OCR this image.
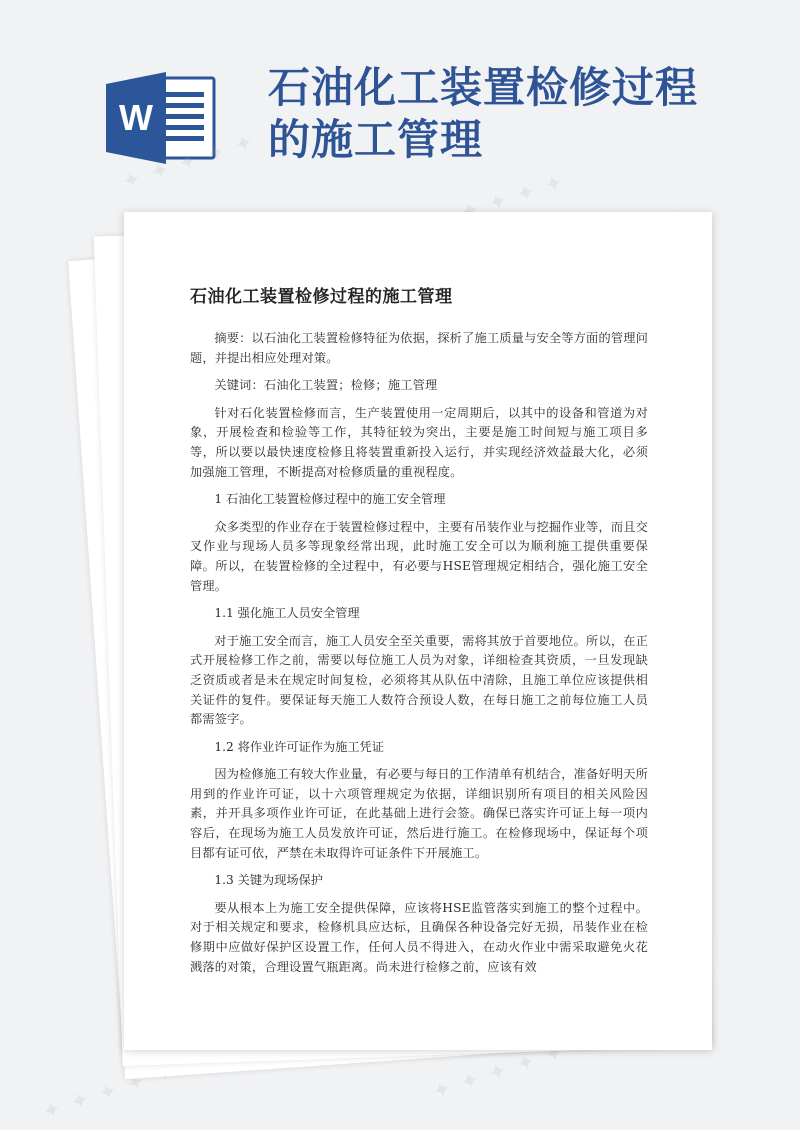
W
石油化工装置检修过程
的施工管理
✦ ✦ ✦ ✦ ✦
✦ ✦ ✦ ✦ ✦
✦ ✦ ✦ ✦ ✦	✦ ✦ ✦ ✦ ✦
石油化工装置检修过程的施工管理

摘要：以石油化工装置检修特征为依据，探析了施工质量与安全等方面的管理问题，并提出相应处理对策。

关键词：石油化工装置；检修；施工管理

针对石化装置检修而言，生产装置使用一定周期后，以其中的设备和管道为对象，开展检查和检验等工作，其特征较为突出，主要是施工时间短与施工项目多等，所以要以最快速度检修且将装置重新投入运行，并实现经济效益最大化，必须加强施工管理，不断提高对检修质量的重视程度。

1 石油化工装置检修过程中的施工安全管理

众多类型的作业存在于装置检修过程中，主要有吊装作业与挖掘作业等，而且交叉作业与现场人员多等现象经常出现，此时施工安全可以为顺利施工提供重要保障。所以，在装置检修的全过程中，有必要与HSE管理规定相结合，强化施工安全管理。

1.1 强化施工人员安全管理

对于施工安全而言，施工人员安全至关重要，需将其放于首要地位。所以，在正式开展检修工作之前，需要以每位施工人员为对象，详细检查其资质，一旦发现缺乏资质或者是未在规定时间复检，必须将其从队伍中清除，且施工单位应该提供相关证件的复件。要保证每天施工人数符合预设人数，在每日施工之前每位施工人员都需签字。

1.2 将作业许可证作为施工凭证

因为检修施工有较大作业量，有必要与每日的工作清单有机结合，准备好明天所用到的作业许可证，以十六项管理规定为依据，详细识别所有项目的相关风险因素，并开具多项作业许可证，在此基础上进行会签。确保已落实许可证上每一项内容后，在现场为施工人员发放许可证，然后进行施工。在检修现场中，保证每个项目都有证可依，严禁在未取得许可证条件下开展施工。

1.3 关键为现场保护

要从根本上为施工安全提供保障，应该将HSE监管落实到施工的整个过程中。对于相关规定和要求，检修机具应达标，且确保各种设备完好无损，吊装作业在检修期中应做好保护区设置工作，任何人员不得进入，在动火作业中需采取避免火花溅落的对策，合理设置气瓶距离。尚未进行检修之前，应该有效
